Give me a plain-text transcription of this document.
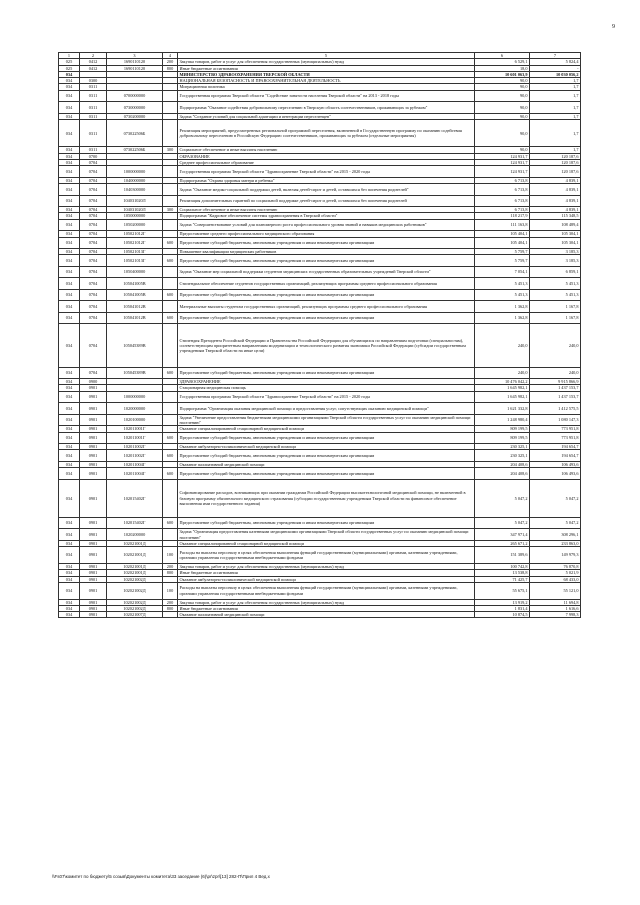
9
1	2	3	4	5	6	7
025	0412	1690110120	200	Закупка товаров, работ и услуг для обеспечения государственных (муниципальных) нужд	6 529,1	5 824,4
025	0412	1690110120	800	Иные бюджетные ассигнования	18,0	-
034				МИНИСТЕРСТВО ЗДРАВООХРАНЕНИЯ ТВЕРСКОЙ ОБЛАСТИ	10 601 063,9	10 030 056,2
034	0300			НАЦИОНАЛЬНАЯ БЕЗОПАСНОСТЬ И ПРАВООХРАНИТЕЛЬНАЯ ДЕЯТЕЛЬНОСТЬ	90,0	1,7
034	0311			Миграционная политика	90,0	1,7
034	0311	0700000000		Государственная программа Тверской области "Содействие занятости населения Тверской области" на 2013 - 2018 годы	90,0	1,7
034	0311	0730000000		Подпрограмма "Оказание содействия добровольному переселению в Тверскую область соотечественников, проживающих за рубежом"	90,0	1,7
034	0311	0730200000		Задача "Создание условий для социальной адаптации и интеграции переселенцев"	90,0	1,7
034	0311	073022506Б		Реализация мероприятий, предусмотренных региональной программой переселения, включенной в Государственную программу по оказанию содействия добровольному переселению в Российскую Федерацию соотечественников, проживающих за рубежом (отдельные мероприятия)	90,0	1,7
034	0311	073022506Б	300	Социальное обеспечение и иные выплаты населению	90,0	1,7
034	0700			ОБРАЗОВАНИЕ	124 931,7	120 187,6
034	0704			Среднее профессиональное образование	124 931,7	120 187,6
034	0704	1000000000		Государственная программа Тверской области "Здравоохранение Тверской области" на 2015 - 2020 годы	124 931,7	120 187,6
034	0704	1040000000		Подпрограмма "Охрана здоровья матери и ребенка"	6 713,8	4 839,1
034	0704	1040300000		Задача "Оказание медико-социальной поддержки детей, включая детей-сирот и детей, оставшихся без попечения родителей"	6 713,8	4 839,1
034	0704	104031020Л		Реализация дополнительных гарантий по социальной поддержке детей-сирот и детей, оставшихся без попечения родителей	6 713,8	4 839,1
034	0704	104031020Л	300	Социальное обеспечение и иные выплаты населению	6 713,8	4 839,1
034	0704	1050000000		Подпрограмма "Кадровое обеспечение системы здравоохранения в Тверской области"	118 217,9	115 348,5
034	0704	1050200000		Задача "Совершенствование условий для планомерного роста профессионального уровня знаний и навыков медицинских работников"	111 163,8	108 489,4
034	0704	105021012Г		Предоставление среднего профессионального медицинского образования	105 404,1	105 304,1
034	0704	105021012Г	600	Предоставление субсидий бюджетным, автономным учреждениям и иным некоммерческим организациям	105 404,1	105 304,1
034	0704	105021013Г		Повышение квалификации медицинских работников	5 759,7	3 185,3
034	0704	105021013Г	600	Предоставление субсидий бюджетным, автономным учреждениям и иным некоммерческим организациям	5 759,7	3 185,3
034	0704	1050400000		Задача "Оказание мер социальной поддержки студентов медицинских государственных образовательных учреждений Тверской области"	7 054,1	6 859,1
034	0704	105041005В		Стипендиальное обеспечение студентов государственных организаций, реализующих программы среднего профессионального образования	5 451,3	5 451,3
034	0704	105041005В	600	Предоставление субсидий бюджетным, автономным учреждениям и иным некоммерческим организациям	5 451,3	5 451,3
034	0704	105041012В		Материальные выплаты студентам государственных организаций, реализующих программы среднего профессионального образования	1 362,8	1 167,8
034	0704	105041012В	600	Предоставление субсидий бюджетным, автономным учреждениям и иным некоммерческим организациям	1 362,8	1 167,8
034	0704	105045389В		Стипендия Президента Российской Федерации и Правительства Российской Федерации для обучающихся по направлениям подготовки (специальностям), соответствующим приоритетным направлениям модернизации и технологического развития экономики Российской Федерации (субсидии государственным учреждениям Тверской области на иные цели)	240,0	240,0
034	0704	105045389В	600	Предоставление субсидий бюджетным, автономным учреждениям и иным некоммерческим организациям	240,0	240,0
034	0900			ЗДРАВООХРАНЕНИЕ	10 476 042,2	9 915 866,9
034	0901			Стационарная медицинская помощь	1 645 982,1	1 437 153,7
034	0901	1000000000		Государственная программа Тверской области "Здравоохранение Тверской области" на 2015 - 2020 годы	1 645 982,1	1 437 153,7
034	0901	1020000000		Подпрограмма "Организация оказания медицинской помощи и предоставления услуг, сопутствующих оказанию медицинской помощи"	1 621 332,8	1 412 575,5
034	0901	1020100000		Задача "Увеличение предоставления бюджетными медицинскими организациями Тверской области государственных услуг по оказанию медицинской помощи населению"	1 248 980,4	1 080 147,3
034	0901	102011001Г		Оказание специализированной стационарной медицинской помощи	809 199,5	773 951,8
034	0901	102011001Г	600	Предоставление субсидий бюджетным, автономным учреждениям и иным некоммерческим организациям	809 199,5	773 951,8
034	0901	102011002Г		Оказание амбулаторно-поликлинической медицинской помощи	230 325,1	194 654,7
034	0901	102011002Г	600	Предоставление субсидий бюджетным, автономным учреждениям и иным некоммерческим организациям	230 325,1	194 654,7
034	0901	102011004Г		Оказание паллиативной медицинской помощи	204 408,6	106 493,6
034	0901	102011004Г	600	Предоставление субсидий бюджетным, автономным учреждениям и иным некоммерческим организациям	204 408,6	106 493,6
034	0901	102015402Г		Софинансирование расходов, возникающих при оказании гражданам Российской Федерации высокотехнологичной медицинской помощи, не включенной в базовую программу обязательного медицинского страхования (субсидии государственным учреждениям Тверской области на финансовое обеспечение выполнения ими государственного задания)	5 047,2	5 047,2
034	0901	102015402Г	600	Предоставление субсидий бюджетным, автономным учреждениям и иным некоммерческим организациям	5 047,2	5 047,2
034	0901	1020200000		Задача "Организация предоставления казенными медицинскими организациями Тверской области государственных услуг по оказанию медицинской помощи населению"	347 971,4	308 296,1
034	0901	102021001Д		Оказание специализированной стационарной медицинской помощи	265 671,2	233 863,0
034	0901	102021001Д	100	Расходы на выплаты персоналу в целях обеспечения выполнения функций государственными (муниципальными) органами, казенными учреждениями, органами управления государственными внебюджетными фондами	151 389,6	149 979,3
034	0901	102021001Д	200	Закупка товаров, работ и услуг для обеспечения государственных (муниципальных) нужд	100 742,8	76 870,8
034	0901	102021001Д	800	Иные бюджетные ассигнования	13 538,8	5 021,9
034	0901	102021002Д		Оказание амбулаторно-поликлинической медицинской помощи	71 425,7	68 433,0
034	0901	102021002Д	100	Расходы на выплаты персоналу в целях обеспечения выполнения функций государственными (муниципальными) органами, казенными учреждениями, органами управления государственными внебюджетными фондами	55 675,1	55 121,0
034	0901	102021002Д	200	Закупка товаров, работ и услуг для обеспечения государственных (муниципальных) нужд	13 919,2	11 694,8
034	0901	102021002Д	800	Иные бюджетные ассигнования	1 831,4	1 616,6
034	0901	102021007Д		Оказание паллиативной медицинской помощи	10 874,5	7 998,3
\\Fs07\комитет по бюджету\5 созыв\Документы комитета\33 заседание (6)\pr\zpr\[13] 282-П\Прил 4 Вед.х
